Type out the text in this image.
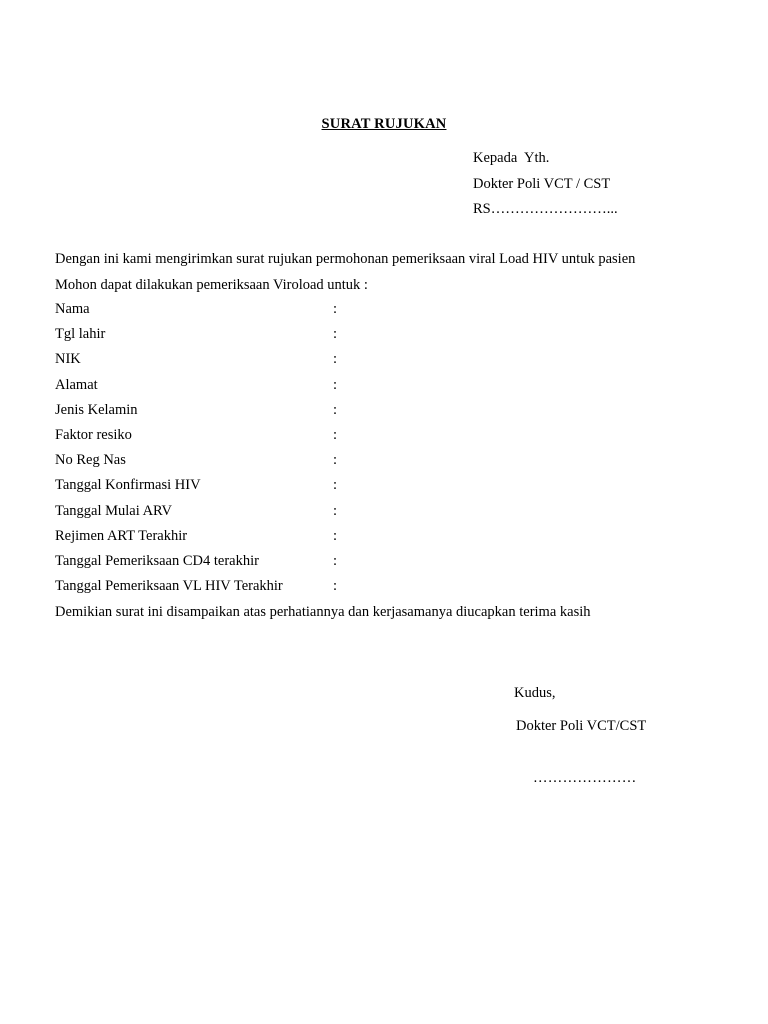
SURAT RUJUKAN
Kepada  Yth.
Dokter Poli VCT / CST
RS……………………...
Dengan ini kami mengirimkan surat rujukan permohonan pemeriksaan viral Load HIV untuk pasien
Mohon dapat dilakukan pemeriksaan Viroload untuk :
Nama	:
Tgl lahir	:
NIK	:
Alamat	:
Jenis Kelamin	:
Faktor resiko	:
No Reg Nas	:
Tanggal Konfirmasi HIV	:
Tanggal Mulai ARV	:
Rejimen ART Terakhir	:
Tanggal Pemeriksaan CD4 terakhir	:
Tanggal Pemeriksaan VL HIV Terakhir	:
Demikian surat ini disampaikan atas perhatiannya dan kerjasamanya diucapkan terima kasih
Kudus,
Dokter Poli VCT/CST
…………………
